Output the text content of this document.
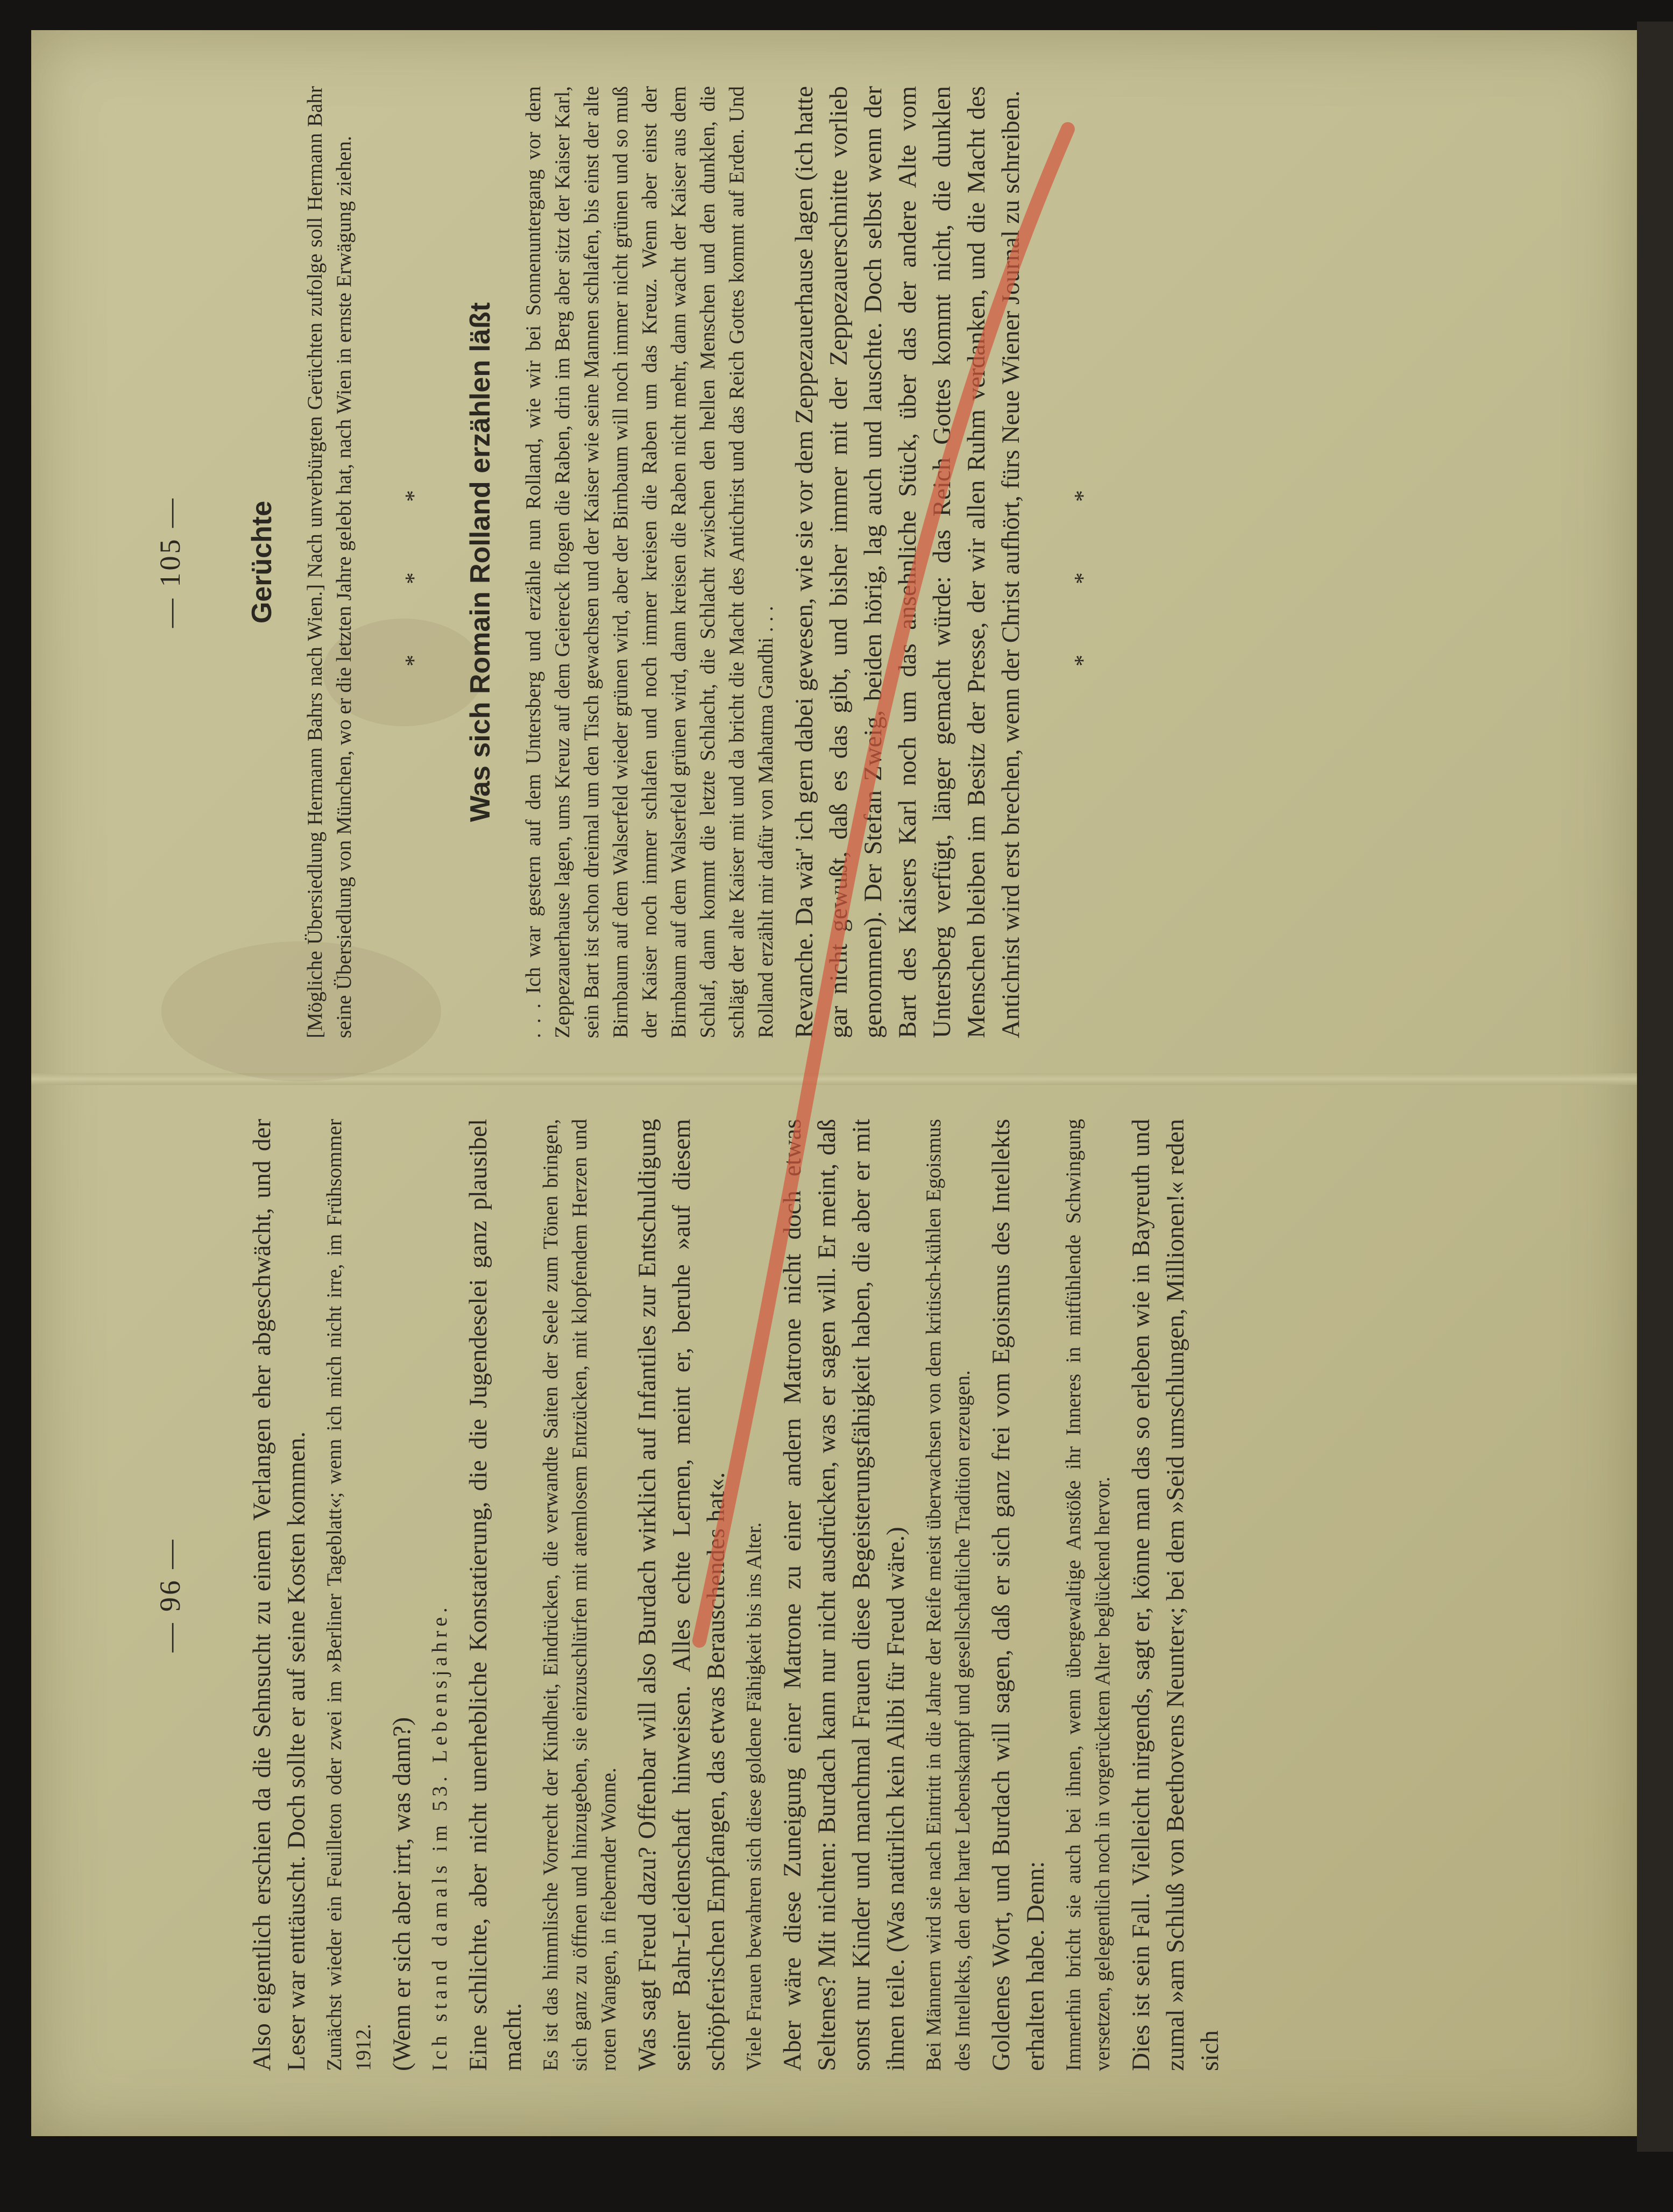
— 96 — Also eigentlich erschien da die Sehnsucht zu einem Verlangen eher abgeschwächt, und der Leser war enttäuscht. Doch sollte er auf seine Kosten kommen. Zunächst wieder ein Feuilleton oder zwei im »Berliner Tageblatt«; wenn ich mich nicht irre, im Frühsommer 1912. (Wenn er sich aber irrt, was dann?) Ich stand damals im 53. Lebensjahre. Eine schlichte, aber nicht unerhebliche Konstatierung, die die Jugendeselei ganz plausibel macht. Es ist das himmlische Vorrecht der Kindheit, Eindrücken, die verwandte Saiten der Seele zum Tönen bringen, sich ganz zu öffnen und hinzugeben, sie einzuschlürfen mit atemlosem Entzücken, mit klopfendem Herzen und roten Wangen, in fiebernder Wonne. Was sagt Freud dazu? Offenbar will also Burdach wirklich auf Infantiles zur Entschuldigung seiner Bahr-Leidenschaft hinweisen. Alles echte Lernen, meint er, beruhe »auf diesem schöpferischen Empfangen, das etwas Berauschendes hat«. Viele Frauen bewahren sich diese goldene Fähigkeit bis ins Alter. Aber wäre diese Zuneigung einer Matrone zu einer andern Matrone nicht doch etwas Seltenes? Mit nichten: Burdach kann nur nicht ausdrücken, was er sagen will. Er meint, daß sonst nur Kinder und manchmal Frauen diese Begeisterungsfähigkeit haben, die aber er mit ihnen teile. (Was natürlich kein Alibi für Freud wäre.) Bei Männern wird sie nach Eintritt in die Jahre der Reife meist überwachsen von dem kritisch-kühlen Egoismus des Intellekts, den der harte Lebenskampf und gesellschaftliche Tradition erzeugen. Goldenes Wort, und Burdach will sagen, daß er sich ganz frei vom Egoismus des Intellekts erhalten habe. Denn: Immerhin bricht sie auch bei ihnen, wenn übergewaltige Anstöße ihr Inneres in mitfühlende Schwingung versetzen, gelegentlich noch in vorgerücktem Alter beglückend hervor. Dies ist sein Fall. Vielleicht nirgends, sagt er, könne man das so erleben wie in Bayreuth und zumal »am Schluß von Beethovens Neunter«; bei dem »Seid umschlungen, Millionen!« reden sich

— 105 — Gerüchte [Mögliche Übersiedlung Hermann Bahrs nach Wien.] Nach unverbürgten Gerüchten zufolge soll Hermann Bahr seine Übersiedlung von München, wo er die letzten Jahre gelebt hat, nach Wien in ernste Erwägung ziehen. * * * Was sich Romain Rolland erzählen läßt . . . Ich war gestern auf dem Untersberg und erzähle nun Rolland, wie wir bei Sonnenuntergang vor dem Zeppezauerhause lagen, ums Kreuz auf dem Geiereck flogen die Raben, drin im Berg aber sitzt der Kaiser Karl, sein Bart ist schon dreimal um den Tisch gewachsen und der Kaiser wie seine Mannen schlafen, bis einst der alte Birnbaum auf dem Walserfeld wieder grünen wird, aber der Birnbaum will noch immer nicht grünen und so muß der Kaiser noch immer schlafen und noch immer kreisen die Raben um das Kreuz. Wenn aber einst der Birnbaum auf dem Walserfeld grünen wird, dann kreisen die Raben nicht mehr, dann wacht der Kaiser aus dem Schlaf, dann kommt die letzte Schlacht, die Schlacht zwischen den hellen Menschen und den dunklen, die schlägt der alte Kaiser mit und da bricht die Macht des Antichrist und das Reich Gottes kommt auf Erden. Und Rolland erzählt mir dafür von Mahatma Gandhi . . . Revanche. Da wär' ich gern dabei gewesen, wie sie vor dem Zeppezauerhause lagen (ich hatte gar nicht gewußt, daß es das gibt, und bisher immer mit der Zeppezauerschnitte vorlieb genommen). Der Stefan Zweig, beiden hörig, lag auch und lauschte. Doch selbst wenn der Bart des Kaisers Karl noch um das ansehnliche Stück, über das der andere Alte vom Untersberg verfügt, länger gemacht würde: das Reich Gottes kommt nicht, die dunklen Menschen bleiben im Besitz der Presse, der wir allen Ruhm verdanken, und die Macht des Antichrist wird erst brechen, wenn der Christ aufhört, fürs Neue Wiener Journal zu schreiben. * * *
